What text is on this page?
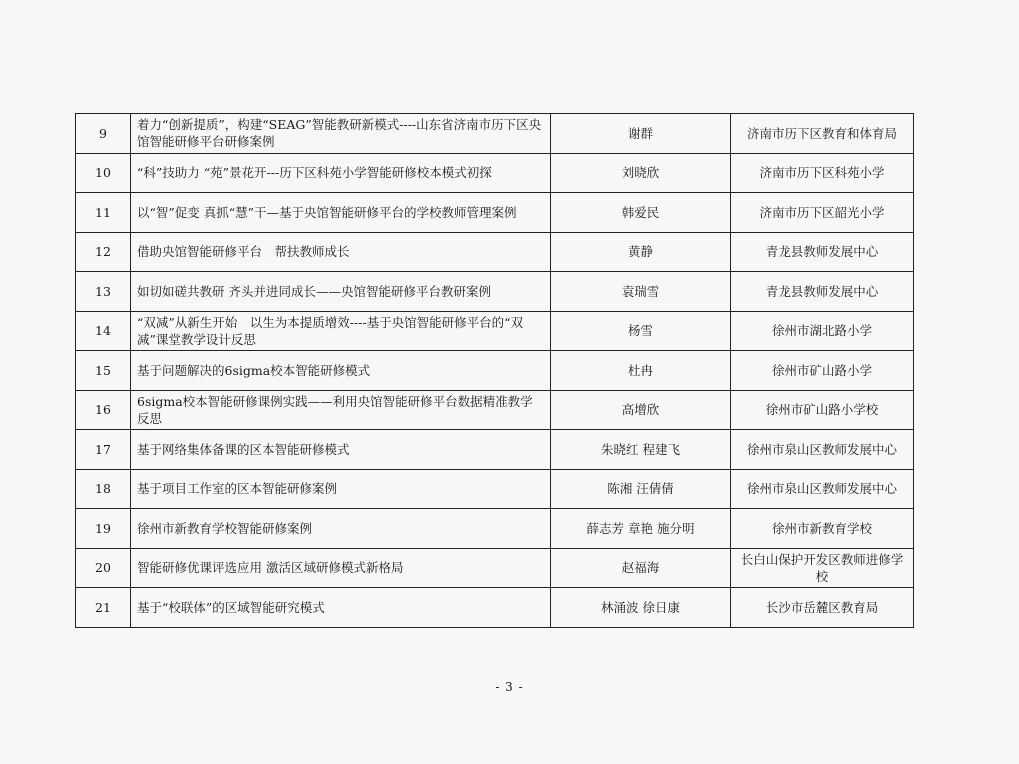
9	着力“创新提质”，构建“SEAG”智能教研新模式----山东省济南市历下区央馆智能研修平台研修案例	谢群	济南市历下区教育和体育局
10	“科”技助力 “苑”景花开---历下区科苑小学智能研修校本模式初探	刘晓欣	济南市历下区科苑小学
11	以“智”促变 真抓“慧”干—基于央馆智能研修平台的学校教师管理案例	韩爱民	济南市历下区韶光小学
12	借助央馆智能研修平台　帮扶教师成长	黄静	青龙县教师发展中心
13	如切如磋共教研 齐头并进同成长——央馆智能研修平台教研案例	袁瑞雪	青龙县教师发展中心
14	“双减”从新生开始　以生为本提质增效----基于央馆智能研修平台的“双减”课堂教学设计反思	杨雪	徐州市湖北路小学
15	基于问题解决的6sigma校本智能研修模式	杜冉	徐州市矿山路小学
16	6sigma校本智能研修课例实践——利用央馆智能研修平台数据精准教学反思	高增欣	徐州市矿山路小学校
17	基于网络集体备课的区本智能研修模式	朱晓红 程建飞	徐州市泉山区教师发展中心
18	基于项目工作室的区本智能研修案例	陈湘 汪倩倩	徐州市泉山区教师发展中心
19	徐州市新教育学校智能研修案例	薛志芳 章艳 施分明	徐州市新教育学校
20	智能研修优课评选应用 激活区域研修模式新格局	赵福海	长白山保护开发区教师进修学校
21	基于“校联体”的区域智能研究模式	林涌波 徐日康	长沙市岳麓区教育局
- 3 -
